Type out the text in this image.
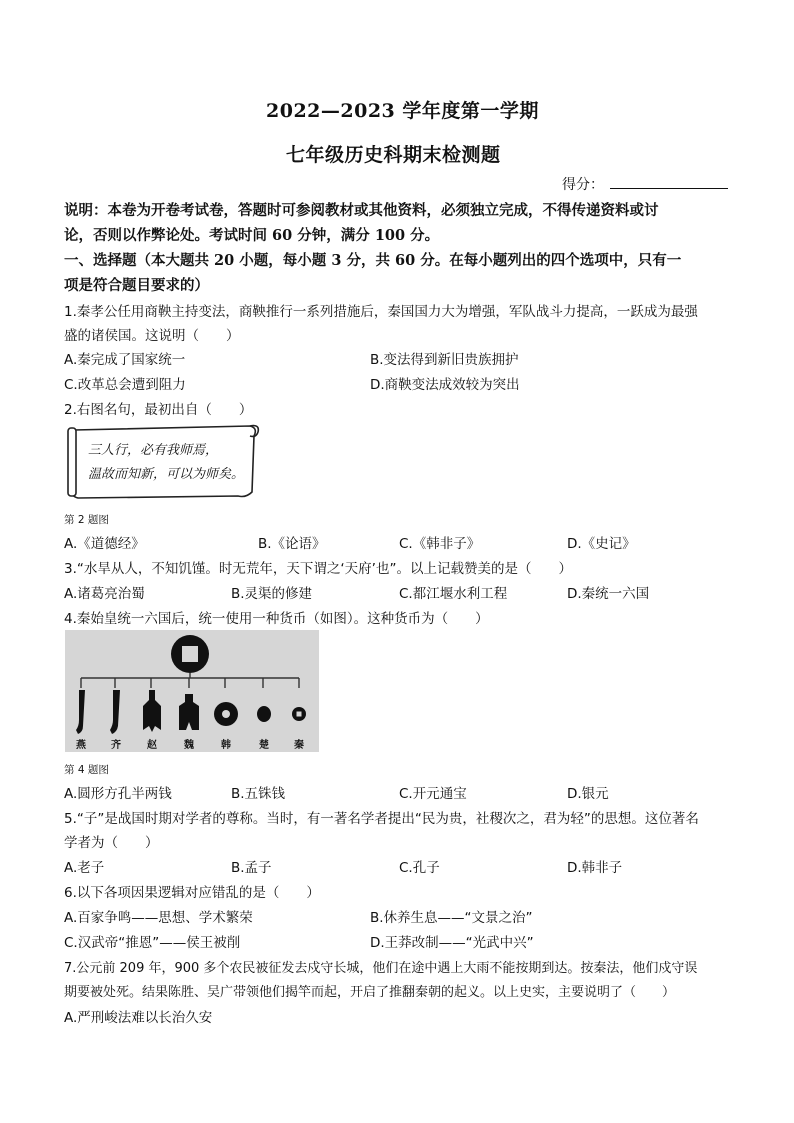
2022—2023 学年度第一学期
七年级历史科期末检测题
得分：
说明：本卷为开卷考试卷，答题时可参阅教材或其他资料，必须独立完成，不得传递资料或讨
论，否则以作弊论处。考试时间 60 分钟，满分 100 分。
一、选择题（本大题共 20 小题，每小题 3 分，共 60 分。在每小题列出的四个选项中，只有一
项是符合题目要求的）
1.秦孝公任用商鞅主持变法，商鞅推行一系列措施后，秦国国力大为增强，军队战斗力提高，一跃成为最强
盛的诸侯国。这说明（　　）
A.秦完成了国家统一	B.变法得到新旧贵族拥护
C.改革总会遭到阻力	D.商鞅变法成效较为突出
2.右图名句，最初出自（　　）
三人行，必有我师焉，
温故而知新，可以为师矣。
第 2 题图
A.《道德经》	B.《论语》	C.《韩非子》	D.《史记》
3.“水旱从人，不知饥馑。时无荒年，天下谓之‘天府’也”。以上记载赞美的是（　　）
A.诸葛亮治蜀	B.灵渠的修建	C.都江堰水利工程	D.秦统一六国
4.秦始皇统一六国后，统一使用一种货币（如图）。这种货币为（　　）
燕	齐	赵	魏	韩	楚	秦
第 4 题图
A.圆形方孔半两钱	B.五铢钱	C.开元通宝	D.银元
5.“子”是战国时期对学者的尊称。当时，有一著名学者提出“民为贵，社稷次之，君为轻”的思想。这位著名
学者为（　　）
A.老子	B.孟子	C.孔子	D.韩非子
6.以下各项因果逻辑对应错乱的是（　　）
A.百家争鸣——思想、学术繁荣	B.休养生息——“文景之治”
C.汉武帝“推恩”——侯王被削	D.王莽改制——“光武中兴”
7.公元前 209 年，900 多个农民被征发去戍守长城，他们在途中遇上大雨不能按期到达。按秦法，他们戍守误
期要被处死。结果陈胜、吴广带领他们揭竿而起，开启了推翻秦朝的起义。以上史实，主要说明了（　　）
A.严刑峻法难以长治久安
